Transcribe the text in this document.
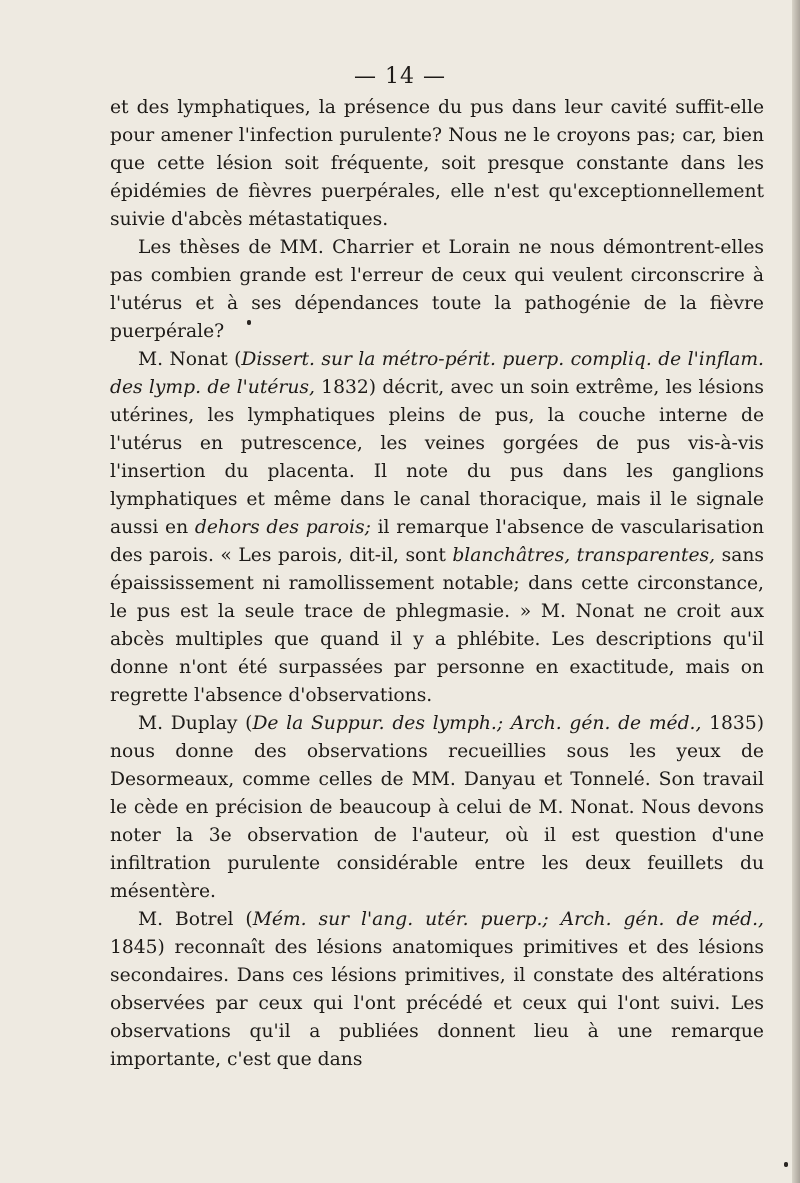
— 14 —

et des lymphatiques, la présence du pus dans leur cavité suffit-elle pour amener l'infection purulente? Nous ne le croyons pas; car, bien que cette lésion soit fréquente, soit presque constante dans les épidémies de fièvres puerpérales, elle n'est qu'exceptionnellement suivie d'abcès métastatiques.

Les thèses de MM. Charrier et Lorain ne nous démontrent-elles pas combien grande est l'erreur de ceux qui veulent circonscrire à l'utérus et à ses dépendances toute la pathogénie de la fièvre puerpérale?

M. Nonat (Dissert. sur la métro-périt. puerp. compliq. de l'inflam. des lymp. de l'utérus, 1832) décrit, avec un soin extrême, les lésions utérines, les lymphatiques pleins de pus, la couche interne de l'utérus en putrescence, les veines gorgées de pus vis-à-vis l'insertion du placenta. Il note du pus dans les ganglions lymphatiques et même dans le canal thoracique, mais il le signale aussi en dehors des parois; il remarque l'absence de vascularisation des parois. « Les parois, dit-il, sont blanchâtres, transparentes, sans épaississement ni ramollissement notable; dans cette circonstance, le pus est la seule trace de phlegmasie. » M. Nonat ne croit aux abcès multiples que quand il y a phlébite. Les descriptions qu'il donne n'ont été surpassées par personne en exactitude, mais on regrette l'absence d'observations.

M. Duplay (De la Suppur. des lymph.; Arch. gén. de méd., 1835) nous donne des observations recueillies sous les yeux de Desormeaux, comme celles de MM. Danyau et Tonnelé. Son travail le cède en précision de beaucoup à celui de M. Nonat. Nous devons noter la 3e observation de l'auteur, où il est question d'une infiltration purulente considérable entre les deux feuillets du mésentère.

M. Botrel (Mém. sur l'ang. utér. puerp.; Arch. gén. de méd., 1845) reconnaît des lésions anatomiques primitives et des lésions secondaires. Dans ces lésions primitives, il constate des altérations observées par ceux qui l'ont précédé et ceux qui l'ont suivi. Les observations qu'il a publiées donnent lieu à une remarque importante, c'est que dans
